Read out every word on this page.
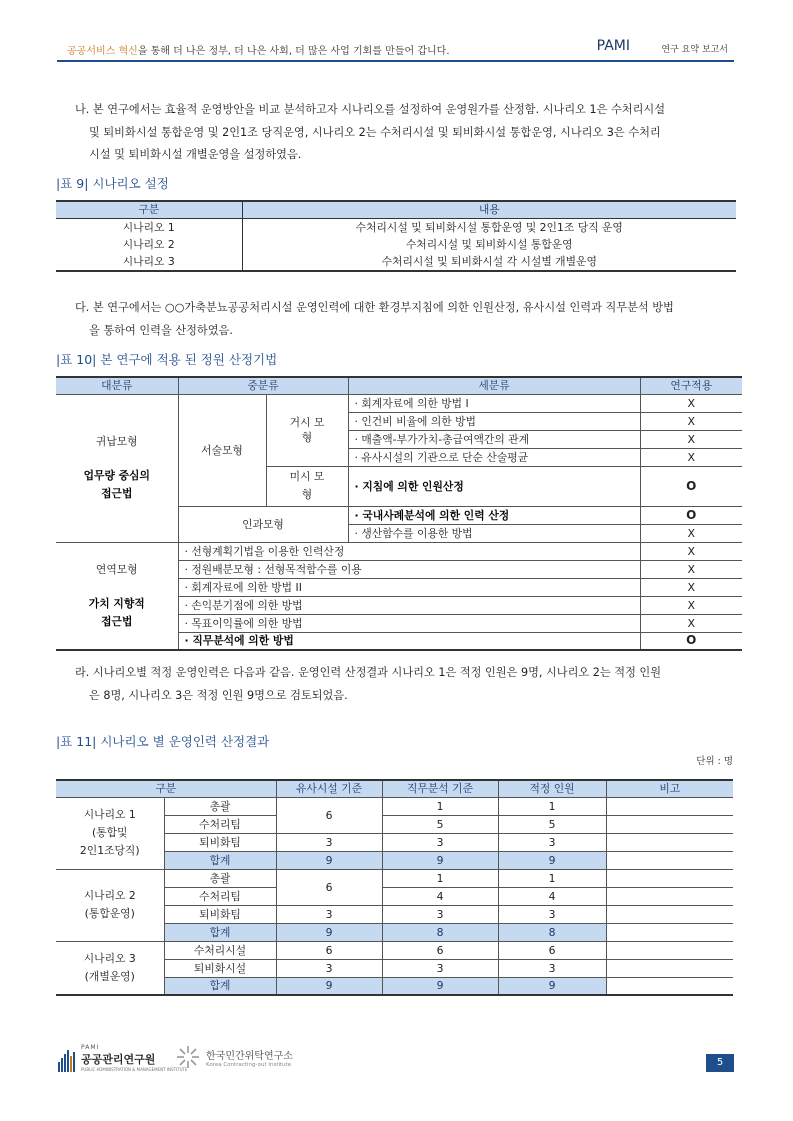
공공서비스 혁신을 통해 더 나은 정부, 더 나은 사회, 더 많은 사업 기회를 만들어 갑니다.	PAMI	연구 요약 보고서
나. 본 연구에서는 효율적 운영방안을 비교 분석하고자 시나리오를 설정하여 운영원가를 산정함. 시나리오 1은 수처리시설
및 퇴비화시설 통합운영 및 2인1조 당직운영, 시나리오 2는 수처리시설 및 퇴비화시설 통합운영, 시나리오 3은 수처리
시설 및 퇴비화시설 개별운영을 설정하였음.
|표 9| 시나리오 설정
구분	내용
시나리오 1	수처리시설 및 퇴비화시설 통합운영 및 2인1조 당직 운영
시나리오 2	수처리시설 및 퇴비화시설 통합운영
시나리오 3	수처리시설 및 퇴비화시설 각 시설별 개별운영
다. 본 연구에서는 ○○가축분뇨공공처리시설 운영인력에 대한 환경부지침에 의한 인원산정, 유사시설 인력과 직무분석 방법
을 통하여 인력을 산정하였음.
|표 10| 본 연구에 적용 된 정원 산정기법
대분류	중분류		세분류	연구적용

귀납모형
업무량 중심의 접근법	서술모형	거시 모형	· 회계자료에 의한 방법 I	X
			· 인건비 비율에 의한 방법	X
			· 매출액-부가가치-총급여액간의 관계	X
			· 유사시설의 기관으로 단순 산술평균	X
		미시 모형	· 지침에 의한 인원산정	O
	인과모형		· 국내사례분석에 의한 인력 산정	O
			· 생산함수를 이용한 방법	X

연역모형
가치 지향적 접근법	· 선형계획기법을 이용한 인력산정			X
	· 정원배분모형 : 선형목적함수를 이용			X
	· 회계자료에 의한 방법 II			X
	· 손익분기점에 의한 방법			X
	· 목표이익률에 의한 방법			X
	· 직무분석에 의한 방법			O
라. 시나리오별 적정 운영인력은 다음과 같음. 운영인력 산정결과 시나리오 1은 적정 인원은 9명, 시나리오 2는 적정 인원
은 8명, 시나리오 3은 적정 인원 9명으로 검토되었음.
|표 11| 시나리오 별 운영인력 산정결과
단위 : 명
구분		유사시설 기준	직무분석 기준	적정 인원	비고

시나리오 1
(통합및
2인1조당직)	총괄	6	1	1	
	수처리팀		5	5	
	퇴비화팀	3	3	3	
	합계	9	9	9	

시나리오 2
(통합운영)	총괄	6	1	1	
	수처리팀		4	4	
	퇴비화팀	3	3	3	
	합계	9	8	8	

시나리오 3
(개별운영)	수처리시설	6	6	6	
	퇴비화시설	3	3	3	
	합계	9	9	9	
PAMI
공공관리연구원
PUBLIC ADMINISTRATION & MANAGEMENT INSTITUTE
한국민간위탁연구소
Korea Contracting-out Institute	5
